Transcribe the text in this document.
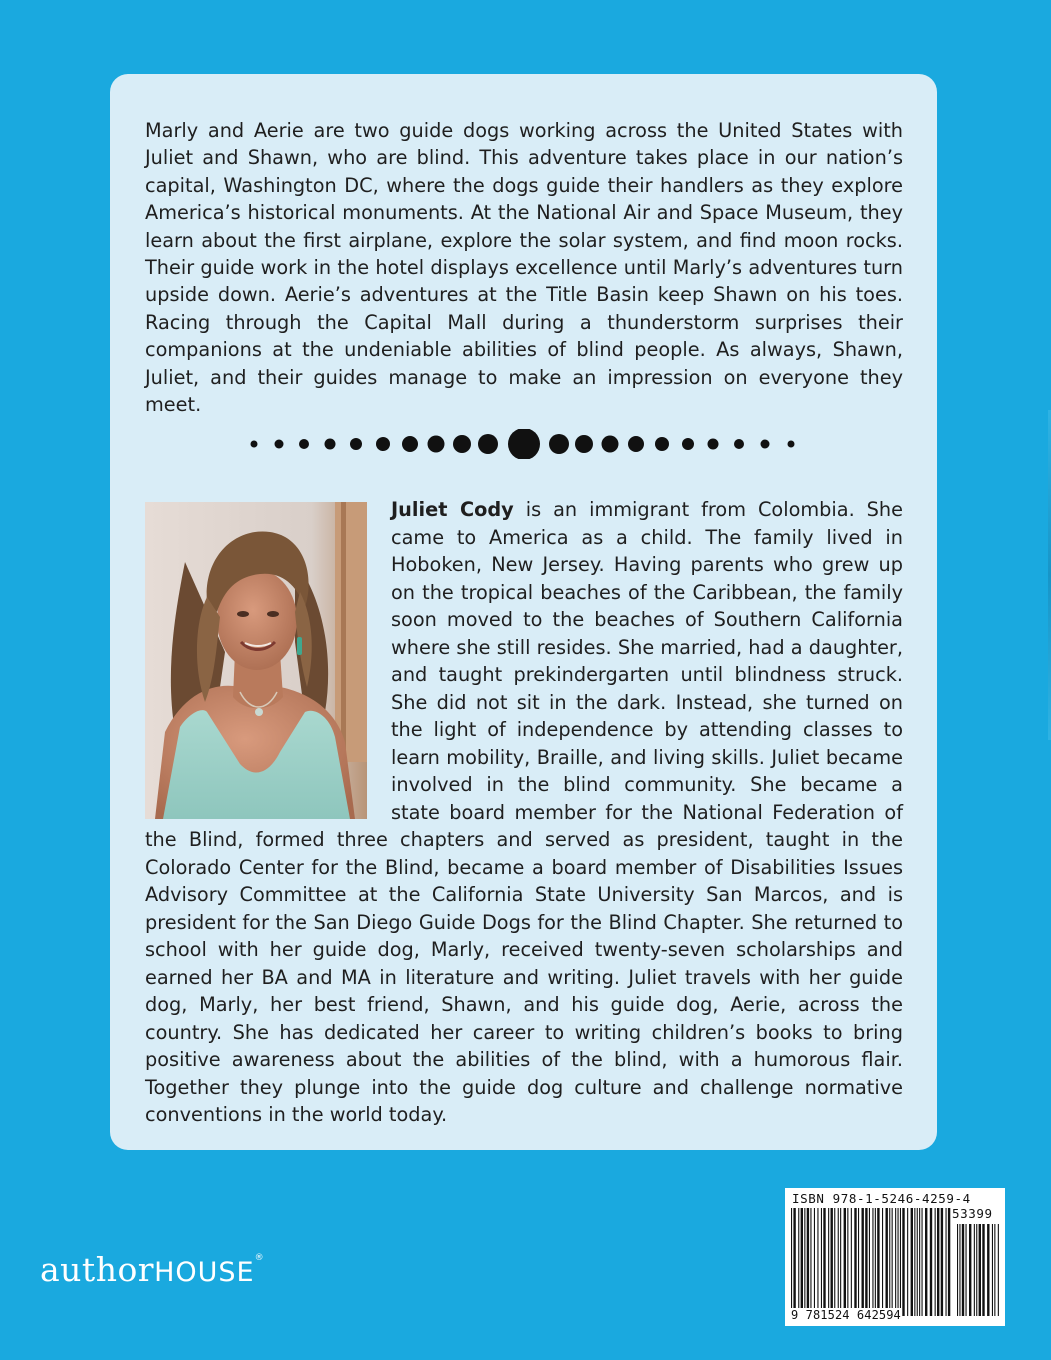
Marly and Aerie are two guide dogs working across the United States with Juliet and Shawn, who are blind. This adventure takes place in our nation’s capital, Washington DC, where the dogs guide their handlers as they explore America’s historical monuments. At the National Air and Space Museum, they learn about the first airplane, explore the solar system, and find moon rocks. Their guide work in the hotel displays excellence until Marly’s adventures turn upside down. Aerie’s adventures at the Title Basin keep Shawn on his toes. Racing through the Capital Mall during a thunderstorm surprises their companions at the undeniable abilities of blind people. As always, Shawn, Juliet, and their guides manage to make an impression on everyone they meet.

Juliet Cody is an immigrant from Colombia. She came to America as a child. The family lived in Hoboken, New Jersey. Having parents who grew up on the tropical beaches of the Caribbean, the family soon moved to the beaches of Southern California where she still resides. She married, had a daughter, and taught prekindergarten until blindness struck. She did not sit in the dark. Instead, she turned on the light of independence by attending classes to learn mobility, Braille, and living skills. Juliet became involved in the blind community. She became a state board member for the National Federation of the Blind, formed three chapters and served as president, taught in the Colorado Center for the Blind, became a board member of Disabilities Issues Advisory Committee at the California State University San Marcos, and is president for the San Diego Guide Dogs for the Blind Chapter. She returned to school with her guide dog, Marly, received twenty-seven scholarships and earned her BA and MA in literature and writing. Juliet travels with her guide dog, Marly, her best friend, Shawn, and his guide dog, Aerie, across the country. She has dedicated her career to writing children’s books to bring positive awareness about the abilities of the blind, with a humorous flair. Together they plunge into the guide dog culture and challenge normative conventions in the world today.

authorHOUSE®
ISBN 978-1-5246-4259-4
53399
9 781524 642594
